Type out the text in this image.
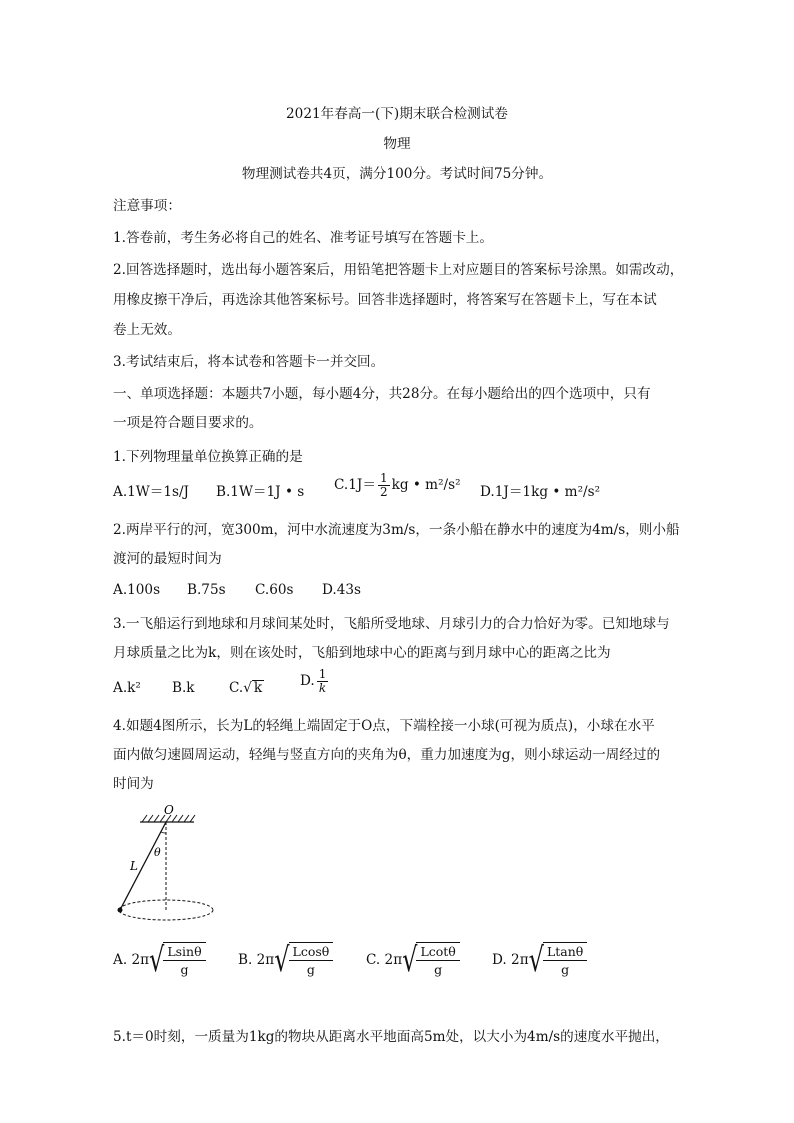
2021年春高一(下)期末联合检测试卷
物理
物理测试卷共4页，满分100分。考试时间75分钟。
注意事项：
1.答卷前，考生务必将自己的姓名、准考证号填写在答题卡上。
2.回答选择题时，选出每小题答案后，用铅笔把答题卡上对应题目的答案标号涂黑。如需改动，
用橡皮擦干净后，再选涂其他答案标号。回答非选择题时，将答案写在答题卡上，写在本试
卷上无效。
3.考试结束后，将本试卷和答题卡一并交回。
一、单项选择题：本题共7小题，每小题4分，共28分。在每小题给出的四个选项中，只有
一项是符合题目要求的。
1.下列物理量单位换算正确的是
A.1W＝1s/J B.1W＝1J • s $C.1J= \frac{1}{2}$ kg • m²/s² D.1J＝1kg • m²/s²
2.两岸平行的河，宽300m，河中水流速度为3m/s，一条小船在静水中的速度为4m/s，则小船
渡河的最短时间为
A.100s B.75s C.60s D.43s
3.一飞船运行到地球和月球间某处时，飞船所受地球、月球引力的合力恰好为零。已知地球与
月球质量之比为k，则在该处时，飞船到地球中心的距离与到月球中心的距离之比为
A.k² B.k	C.√ k	D. $\frac{1}{k}$
4.如题4图所示，长为L的轻绳上端固定于O点，下端栓接一小球(可视为质点)，小球在水平
面内做匀速圆周运动，轻绳与竖直方向的夹角为θ，重力加速度为g，则小球运动一周经过的
时间为

O
θ
L
A. 2π √ $\frac{Lsin\theta}{g} B$. 2π √ $\frac{Lcos\theta}{g} C$. 2π √ $\frac{Lcot\theta}{g} D$. 2π √ $\frac{Ltan\theta}{g}$
5.t＝0时刻，一质量为1kg的物块从距离水平地面高5m处，以大小为4m/s的速度水平抛出，
